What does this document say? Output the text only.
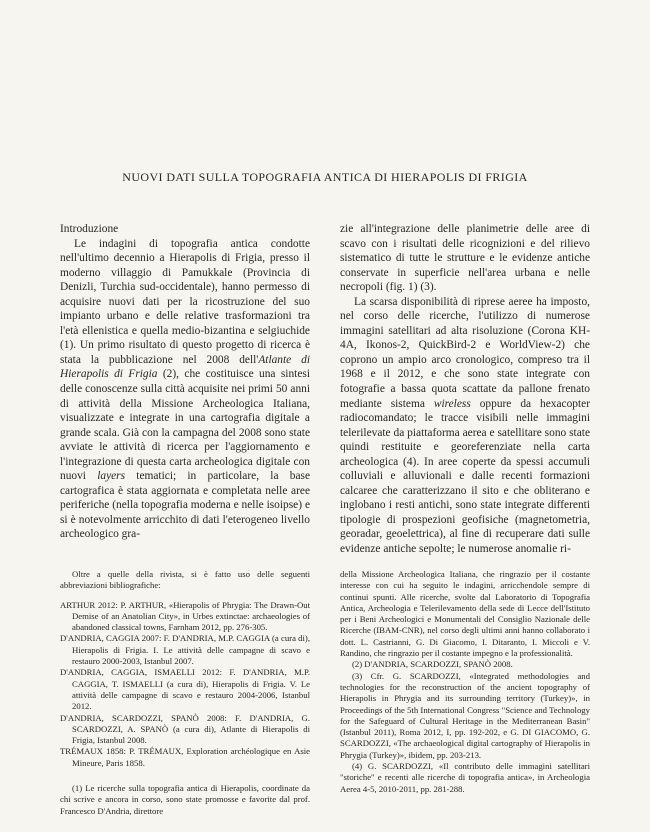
NUOVI DATI SULLA TOPOGRAFIA ANTICA DI HIERAPOLIS DI FRIGIA

Introduzione

Le indagini di topografia antica condotte nell'ultimo decennio a Hierapolis di Frigia, presso il moderno villaggio di Pamukkale (Provincia di Denizli, Turchia sud-occidentale), hanno permesso di acquisire nuovi dati per la ricostruzione del suo impianto urbano e delle relative trasformazioni tra l'età ellenistica e quella medio-bizantina e selgiuchide (1). Un primo risultato di questo progetto di ricerca è stata la pubblicazione nel 2008 dell'Atlante di Hierapolis di Frigia (2), che costituisce una sintesi delle conoscenze sulla città acquisite nei primi 50 anni di attività della Missione Archeologica Italiana, visualizzate e integrate in una cartografia digitale a grande scala. Già con la campagna del 2008 sono state avviate le attività di ricerca per l'aggiornamento e l'integrazione di questa carta archeologica digitale con nuovi layers tematici; in particolare, la base cartografica è stata aggiornata e completata nelle aree periferiche (nella topografia moderna e nelle isoipse) e si è notevolmente arricchito di dati l'eterogeneo livello archeologico gra-

zie all'integrazione delle planimetrie delle aree di scavo con i risultati delle ricognizioni e del rilievo sistematico di tutte le strutture e le evidenze antiche conservate in superficie nell'area urbana e nelle necropoli (fig. 1) (3).

La scarsa disponibilità di riprese aeree ha imposto, nel corso delle ricerche, l'utilizzo di numerose immagini satellitari ad alta risoluzione (Corona KH-4A, Ikonos-2, QuickBird-2 e WorldView-2) che coprono un ampio arco cronologico, compreso tra il 1968 e il 2012, e che sono state integrate con fotografie a bassa quota scattate da pallone frenato mediante sistema wireless oppure da hexacopter radiocomandato; le tracce visibili nelle immagini telerilevate da piattaforma aerea e satellitare sono state quindi restituite e georeferenziate nella carta archeologica (4). In aree coperte da spessi accumuli colluviali e alluvionali e dalle recenti formazioni calcaree che caratterizzano il sito e che obliterano e inglobano i resti antichi, sono state integrate differenti tipologie di prospezioni geofisiche (magnetometria, georadar, geoelettrica), al fine di recuperare dati sulle evidenze antiche sepolte; le numerose anomalie ri-

Oltre a quelle della rivista, si è fatto uso delle seguenti abbreviazioni bibliografiche:

ARTHUR 2012: P. ARTHUR, «Hierapolis of Phrygia: The Drawn-Out Demise of an Anatolian City», in Urbes extinctae: archaeologies of abandoned classical towns, Farnham 2012, pp. 276-305.

D'ANDRIA, CAGGIA 2007: F. D'ANDRIA, M.P. CAGGIA (a cura di), Hierapolis di Frigia. I. Le attività delle campagne di scavo e restauro 2000-2003, Istanbul 2007.

D'ANDRIA, CAGGIA, ISMAELLI 2012: F. D'ANDRIA, M.P. CAGGIA, T. ISMAELLI (a cura di), Hierapolis di Frigia. V. Le attività delle campagne di scavo e restauro 2004-2006, Istanbul 2012.

D'ANDRIA, SCARDOZZI, SPANÒ 2008: F. D'ANDRIA, G. SCARDOZZI, A. SPANÒ (a cura di), Atlante di Hierapolis di Frigia, Istanbul 2008.

TRÉMAUX 1858: P. TRÉMAUX, Exploration archéologique en Asie Mineure, Paris 1858.

(1) Le ricerche sulla topografia antica di Hierapolis, coordinate da chi scrive e ancora in corso, sono state promosse e favorite dal prof. Francesco D'Andria, direttore

della Missione Archeologica Italiana, che ringrazio per il costante interesse con cui ha seguito le indagini, arricchendole sempre di continui spunti. Alle ricerche, svolte dal Laboratorio di Topografia Antica, Archeologia e Telerilevamento della sede di Lecce dell'Istituto per i Beni Archeologici e Monumentali del Consiglio Nazionale delle Ricerche (IBAM-CNR), nel corso degli ultimi anni hanno collaborato i dott. L. Castrianni, G. Di Giacomo, I. Ditaranto, I. Miccoli e V. Randino, che ringrazio per il costante impegno e la professionalità.

(2) D'ANDRIA, SCARDOZZI, SPANÒ 2008.

(3) Cfr. G. SCARDOZZI, «Integrated methodologies and technologies for the reconstruction of the ancient topography of Hierapolis in Phrygia and its surrounding territory (Turkey)», in Proceedings of the 5th International Congress "Science and Technology for the Safeguard of Cultural Heritage in the Mediterranean Basin" (Istanbul 2011), Roma 2012, I, pp. 192-202, e G. DI GIACOMO, G. SCARDOZZI, «The archaeological digital cartography of Hierapolis in Phrygia (Turkey)», ibidem, pp. 203-213.

(4) G. SCARDOZZI, «Il contributo delle immagini satellitari "storiche" e recenti alle ricerche di topografia antica», in Archeologia Aerea 4-5, 2010-2011, pp. 281-288.
